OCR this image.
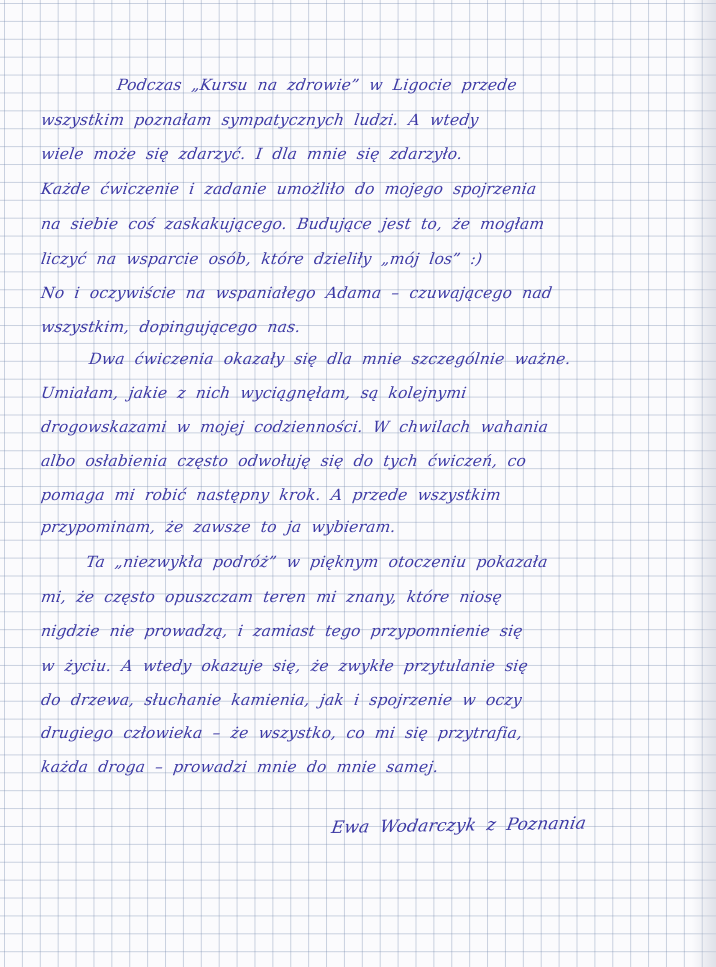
Podczas „Kursu na zdrowie” w Ligocie przede
wszystkim poznałam sympatycznych ludzi. A wtedy
wiele może się zdarzyć. I dla mnie się zdarzyło.
Każde ćwiczenie i zadanie umożliło do mojego spojrzenia
na siebie coś zaskakującego. Budujące jest to, że mogłam
liczyć na wsparcie osób, które dzieliły „mój los” :)
No i oczywiście na wspaniałego Adama – czuwającego nad
wszystkim, dopingującego nas.
Dwa ćwiczenia okazały się dla mnie szczególnie ważne.
Umiałam, jakie z nich wyciągnęłam, są kolejnymi
drogowskazami w mojej codzienności. W chwilach wahania
albo osłabienia często odwołuję się do tych ćwiczeń, co
pomaga mi robić następny krok. A przede wszystkim
przypominam, że zawsze to ja wybieram.
Ta „niezwykła podróż” w pięknym otoczeniu pokazała
mi, że często opuszczam teren mi znany, które niosę
nigdzie nie prowadzą, i zamiast tego przypomnienie się
w życiu. A wtedy okazuje się, że zwykłe przytulanie się
do drzewa, słuchanie kamienia, jak i spojrzenie w oczy
drugiego człowieka – że wszystko, co mi się przytrafia,
każda droga – prowadzi mnie do mnie samej.
Ewa Wodarczyk z Poznania
